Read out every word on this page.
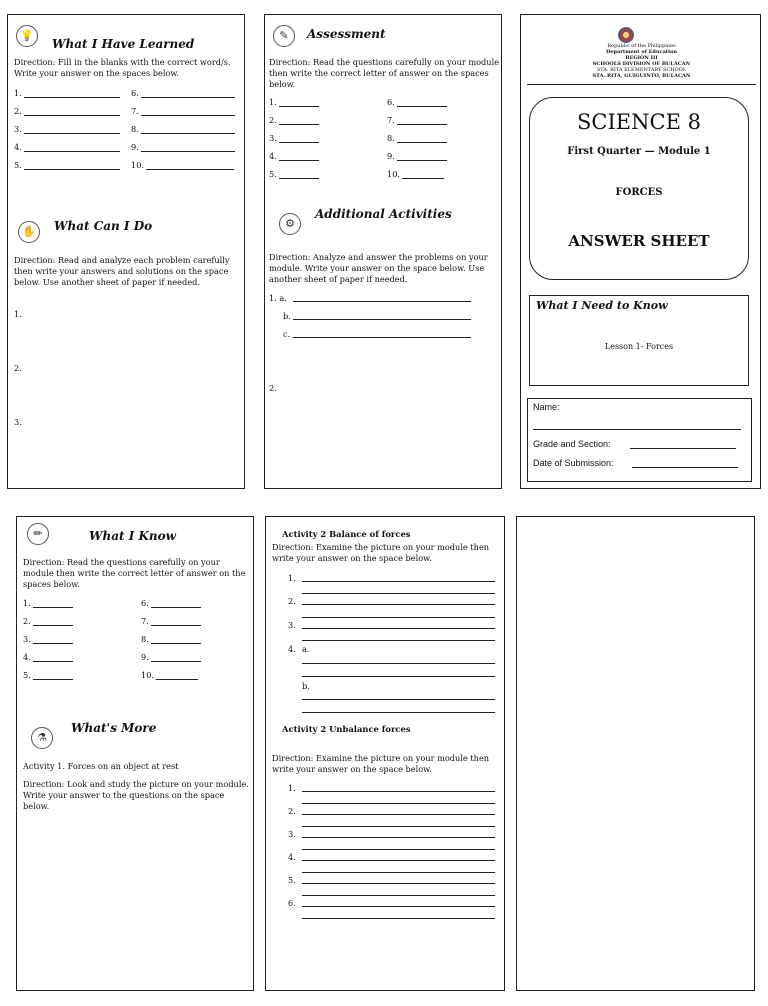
💡
What I Have Learned
Direction: Fill in the blanks with the correct word/s. Write your answer on the spaces below.
1.
2.
3.
4.
5.
6.
7.
8.
9.
10.
✋	What Can I Do
Direction: Read and analyze each problem carefully then write your answers and solutions on the space below. Use another sheet of paper if needed.
1.
2.
3.
✎	Assessment
Direction: Read the questions carefully on your module then write the correct letter of answer on the spaces below.
1.
2.
3.
4.
5.
6.
7.
8.
9.
10.
⚙
Additional Activities
Direction: Analyze and answer the problems on your module. Write your answer on the space below. Use another sheet of paper if needed.
1. a.
b.
c.
2.
Republic of the Philippines
Department of Education
REGION III
SCHOOLS DIVISION OF BULACAN
STA. RITA ELEMENTARY SCHOOL
STA. RITA, GUIGUINTO, BULACAN
SCIENCE 8
First Quarter — Module 1
FORCES
ANSWER SHEET
What I Need to Know
Lesson 1- Forces
Name:
Grade and Section:
Date of Submission:
✏	What I Know
Direction: Read the questions carefully on your module then write the correct letter of answer on the spaces below.
1.
2.
3.
4.
5.
6.
7.
8.
9.
10.
⚗
What's More
Activity 1. Forces on an object at rest
Direction: Look and study the picture on your module. Write your answer to the questions on the space below.
Activity 2 Balance of forces
Direction: Examine the picture on your module then write your answer on the space below.
1.
2.
3.
4. a.
b.
Activity 2 Unbalance forces
Direction: Examine the picture on your module then write your answer on the space below.
1.
2.
3.
4.
5.
6.
